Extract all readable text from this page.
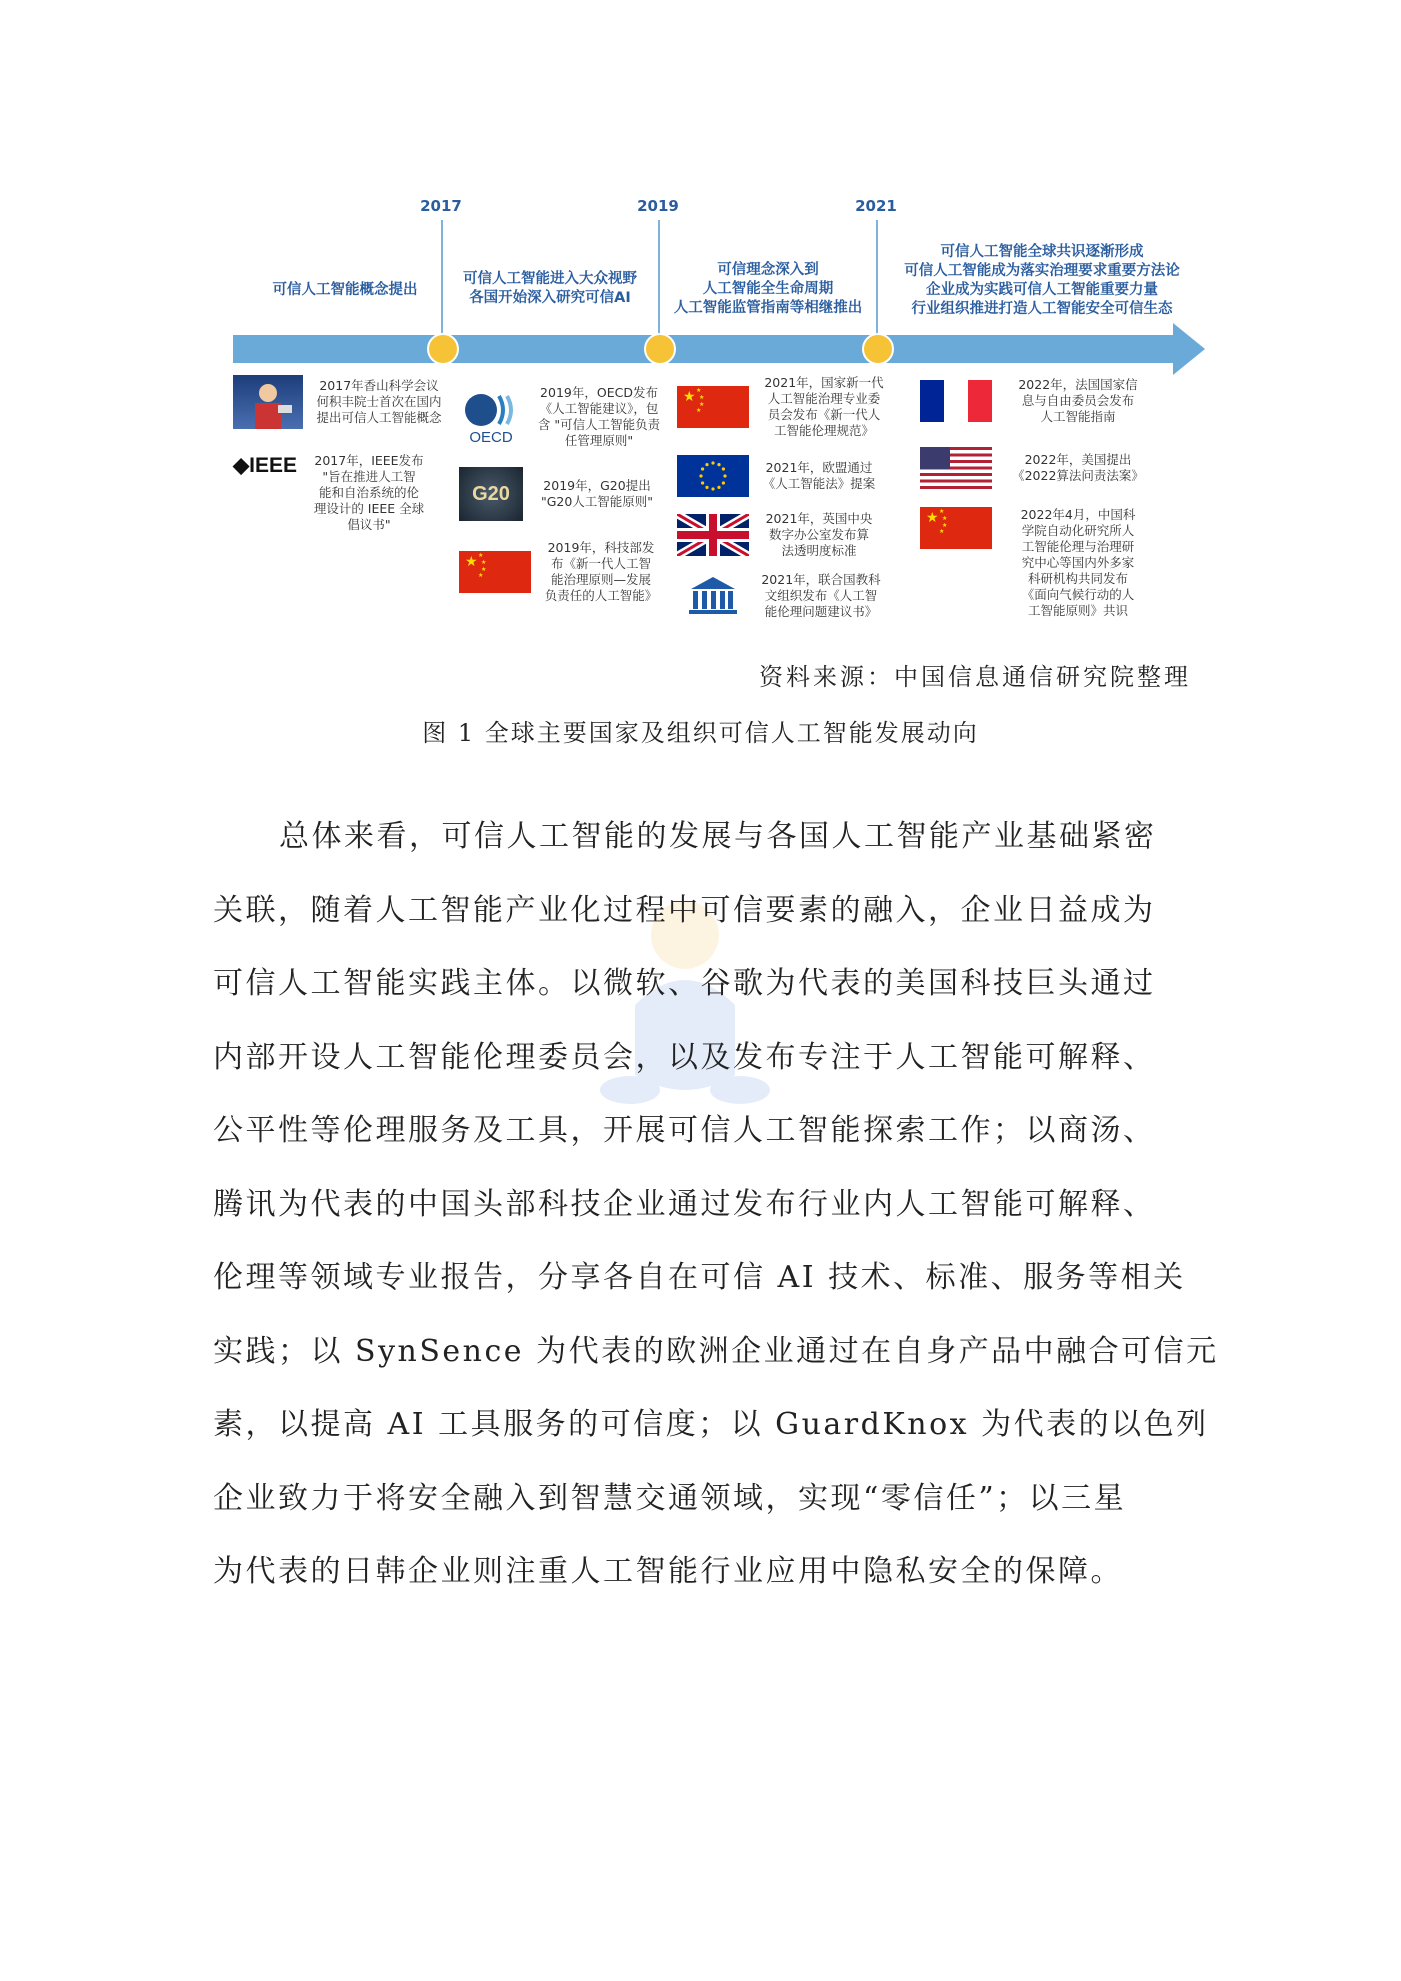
2017	2019	2021
可信人工智能概念提出
可信人工智能进入大众视野
各国开始深入研究可信AI
可信理念深入到
人工智能全生命周期
人工智能监管指南等相继推出
可信人工智能全球共识逐渐形成
可信人工智能成为落实治理要求重要方法论
企业成为实践可信人工智能重要力量
行业组织推进打造人工智能安全可信生态
2017年香山科学会议
何积丰院士首次在国内
提出可信人工智能概念
◆IEEE	2017年，IEEE发布
"旨在推进人工智
能和自治系统的伦
理设计的 IEEE 全球
倡议书"
OECD
2019年，OECD发布
《人工智能建议》，包
含 "可信人工智能负责
任管理原则"
G20	2019年，G20提出
"G20人工智能原则"
★ ★
★
★
★
2019年，科技部发
布《新一代人工智
能治理原则—发展
负责任的人工智能》
★ ★
★
★
★
2021年，国家新一代
人工智能治理专业委
员会发布《新一代人
工智能伦理规范》
2021年，欧盟通过
《人工智能法》提案
2021年，英国中央
数字办公室发布算
法透明度标准
2021年，联合国教科
文组织发布《人工智
能伦理问题建议书》
2022年，法国国家信
息与自由委员会发布
人工智能指南
2022年，美国提出
《2022算法问责法案》
★ ★
★
★
★
2022年4月，中国科
学院自动化研究所人
工智能伦理与治理研
究中心等国内外多家
科研机构共同发布
《面向气候行动的人
工智能原则》共识
资料来源：中国信息通信研究院整理
图 1 全球主要国家及组织可信人工智能发展动向
总体来看，可信人工智能的发展与各国人工智能产业基础紧密
关联，随着人工智能产业化过程中可信要素的融入，企业日益成为
可信人工智能实践主体。以微软、谷歌为代表的美国科技巨头通过
内部开设人工智能伦理委员会，以及发布专注于人工智能可解释、
公平性等伦理服务及工具，开展可信人工智能探索工作；以商汤、
腾讯为代表的中国头部科技企业通过发布行业内人工智能可解释、
伦理等领域专业报告，分享各自在可信 AI 技术、标准、服务等相关
实践；以 SynSence 为代表的欧洲企业通过在自身产品中融合可信元
素，以提高 AI 工具服务的可信度；以 GuardKnox 为代表的以色列
企业致力于将安全融入到智慧交通领域，实现“零信任”；以三星
为代表的日韩企业则注重人工智能行业应用中隐私安全的保障。
